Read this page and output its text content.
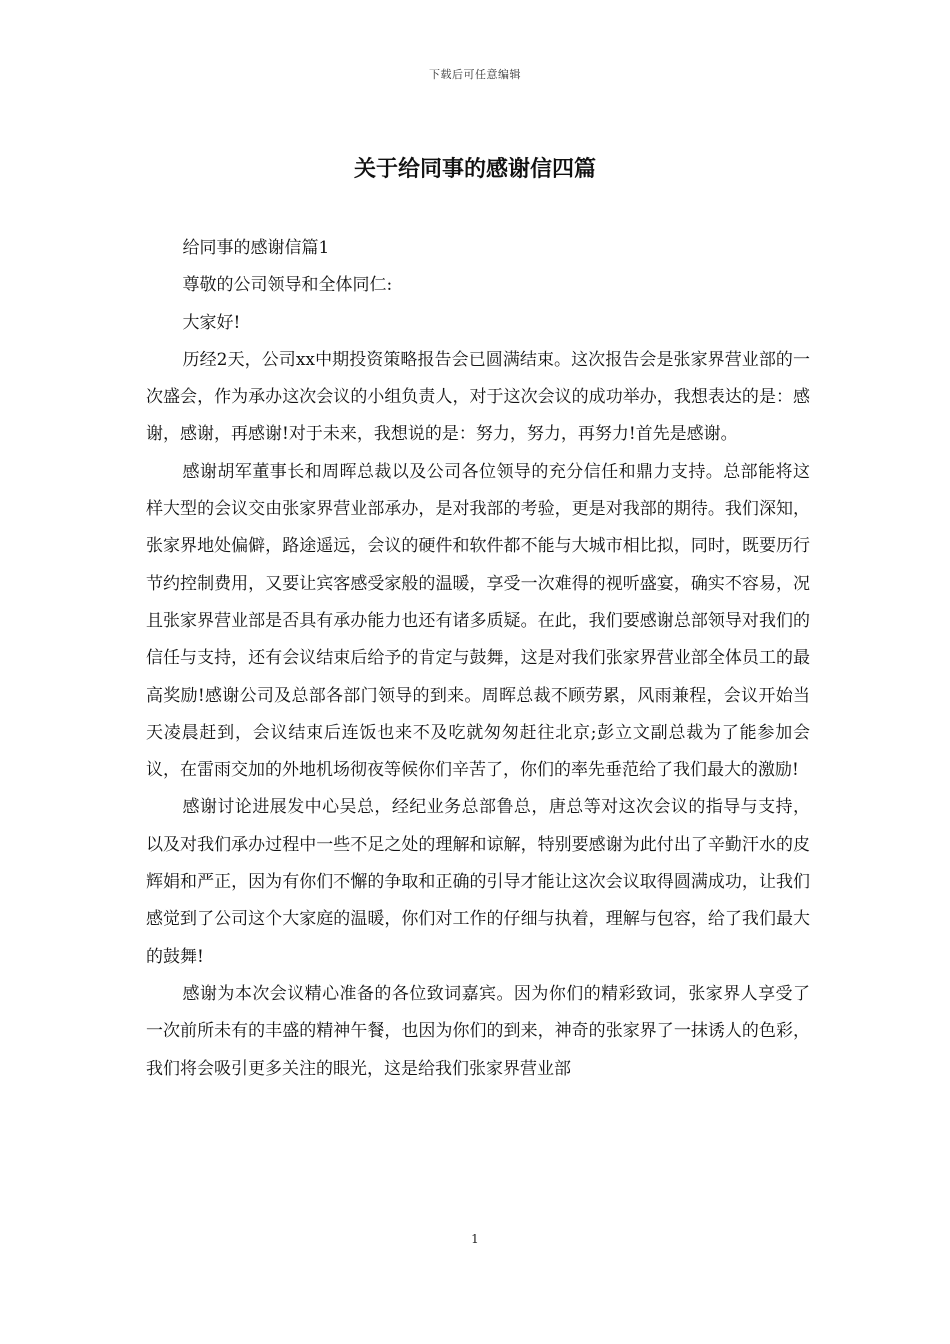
下载后可任意编辑
关于给同事的感谢信四篇

给同事的感谢信篇1

尊敬的公司领导和全体同仁:

大家好!

历经2天，公司xx中期投资策略报告会已圆满结束。这次报告会是张家界营业部的一次盛会，作为承办这次会议的小组负责人，对于这次会议的成功举办，我想表达的是：感谢，感谢，再感谢!对于未来，我想说的是：努力，努力，再努力!首先是感谢。

感谢胡军董事长和周晖总裁以及公司各位领导的充分信任和鼎力支持。总部能将这样大型的会议交由张家界营业部承办，是对我部的考验，更是对我部的期待。我们深知，张家界地处偏僻，路途遥远，会议的硬件和软件都不能与大城市相比拟，同时，既要历行节约控制费用，又要让宾客感受家般的温暖，享受一次难得的视听盛宴，确实不容易，况且张家界营业部是否具有承办能力也还有诸多质疑。在此，我们要感谢总部领导对我们的信任与支持，还有会议结束后给予的肯定与鼓舞，这是对我们张家界营业部全体员工的最高奖励!感谢公司及总部各部门领导的到来。周晖总裁不顾劳累，风雨兼程，会议开始当天凌晨赶到，会议结束后连饭也来不及吃就匆匆赶往北京;彭立文副总裁为了能参加会议，在雷雨交加的外地机场彻夜等候你们辛苦了，你们的率先垂范给了我们最大的激励!

感谢讨论进展发中心吴总，经纪业务总部鲁总，唐总等对这次会议的指导与支持，以及对我们承办过程中一些不足之处的理解和谅解，特别要感谢为此付出了辛勤汗水的皮辉娟和严正，因为有你们不懈的争取和正确的引导才能让这次会议取得圆满成功，让我们感觉到了公司这个大家庭的温暖，你们对工作的仔细与执着，理解与包容，给了我们最大的鼓舞!

感谢为本次会议精心准备的各位致词嘉宾。因为你们的精彩致词，张家界人享受了一次前所未有的丰盛的精神午餐，也因为你们的到来，神奇的张家界了一抹诱人的色彩，我们将会吸引更多关注的眼光，这是给我们张家界营业部

1
